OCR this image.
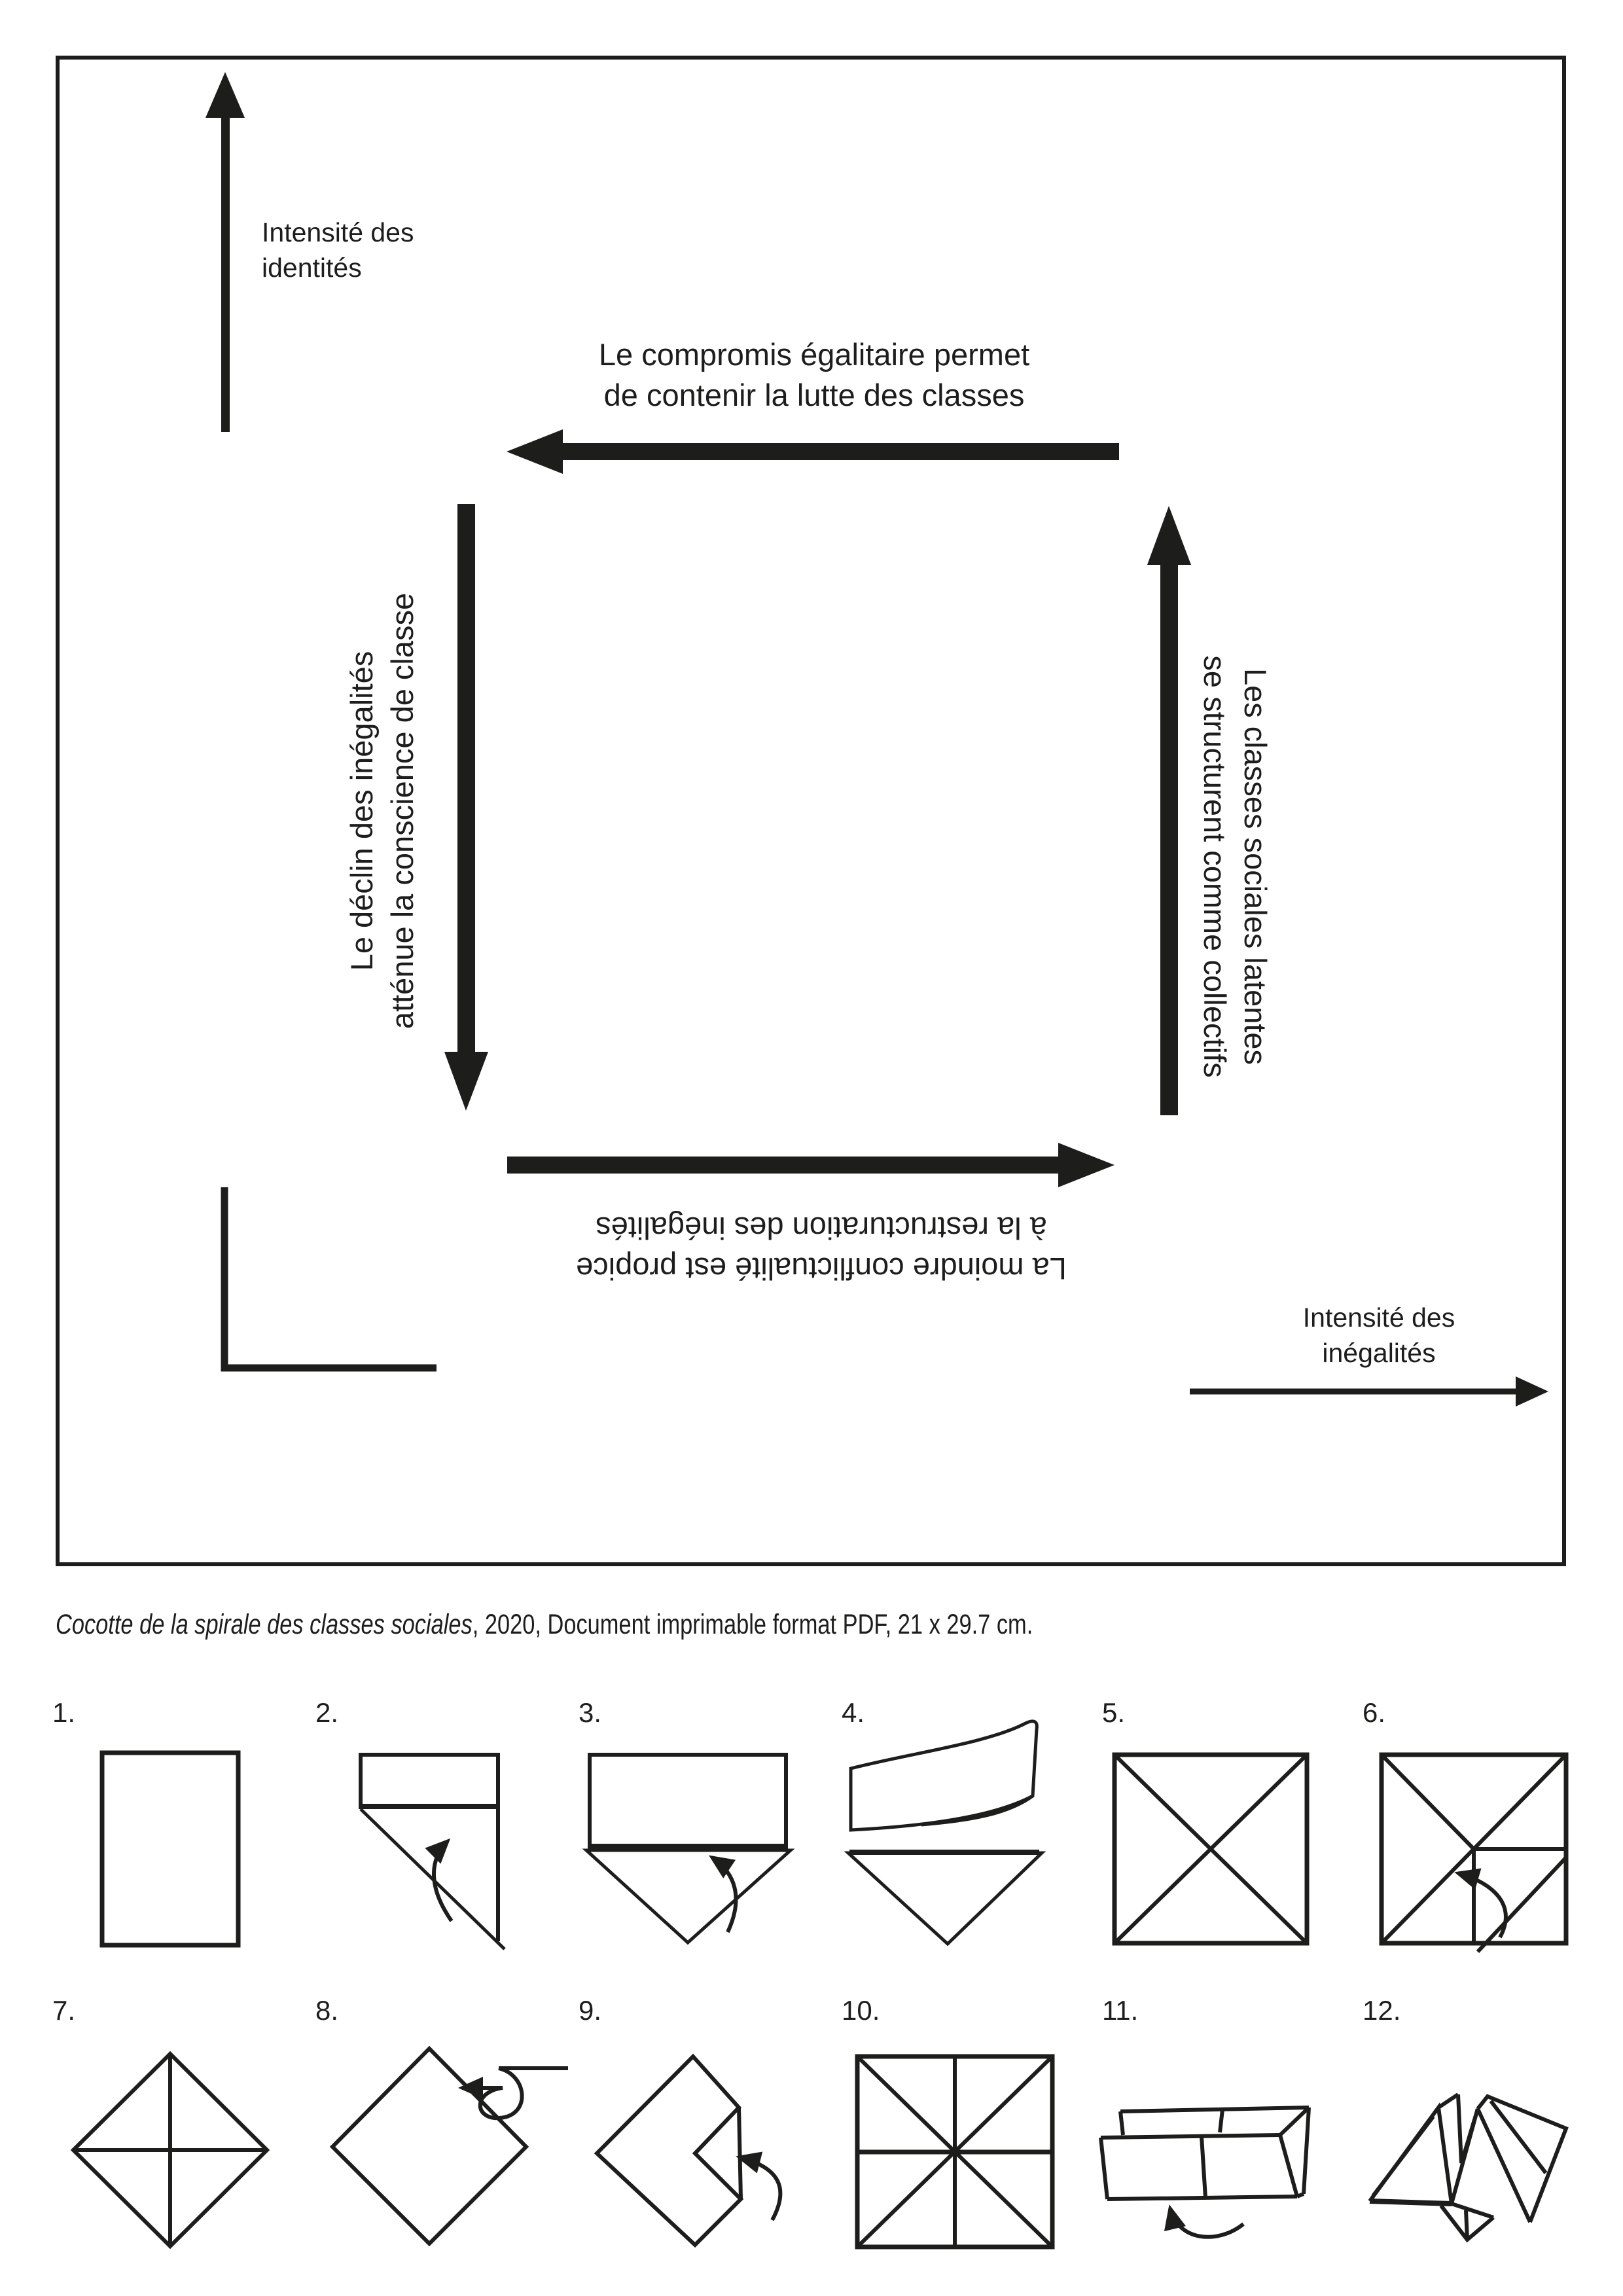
Intensité des
identités
Le compromis égalitaire permet
de contenir la lutte des classes
Le déclin des inégalités atténue la conscience de classe	Les classes sociales latentes
se structurent comme collectifs
La moindre conflictualité est propice
à la restructuration des inégalités
Intensité des
inégalités
Cocotte de la spirale des classes sociales, 2020, Document imprimable format PDF, 21 x 29.7 cm.
1.	2.	3.	4.	5.	6.
7.	8.	9.	10.	11.	12.
